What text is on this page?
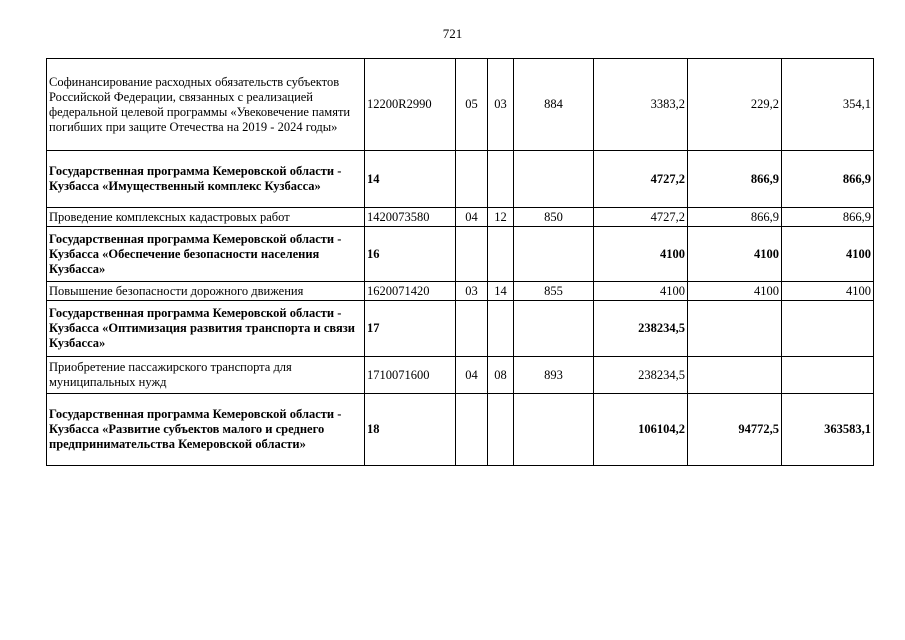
721
Софинансирование расходных обязательств субъектов Российской Федерации, связанных с реализацией федеральной целевой программы «Увековечение памяти погибших при защите Отечества на 2019 - 2024 годы»	12200R2990	05	03	884	3383,2	229,2	354,1
Государственная программа Кемеровской области - Кузбасса «Имущественный комплекс Кузбасса»	14				4727,2	866,9	866,9
Проведение комплексных кадастровых работ	1420073580	04	12	850	4727,2	866,9	866,9
Государственная программа Кемеровской области - Кузбасса «Обеспечение безопасности населения Кузбасса»	16				4100	4100	4100
Повышение безопасности дорожного движения	1620071420	03	14	855	4100	4100	4100
Государственная программа Кемеровской области - Кузбасса «Оптимизация развития транспорта и связи Кузбасса»	17				238234,5		
Приобретение пассажирского транспорта для муниципальных нужд	1710071600	04	08	893	238234,5		
Государственная программа Кемеровской области - Кузбасса «Развитие субъектов малого и среднего предпринимательства Кемеровской области»	18				106104,2	94772,5	363583,1
